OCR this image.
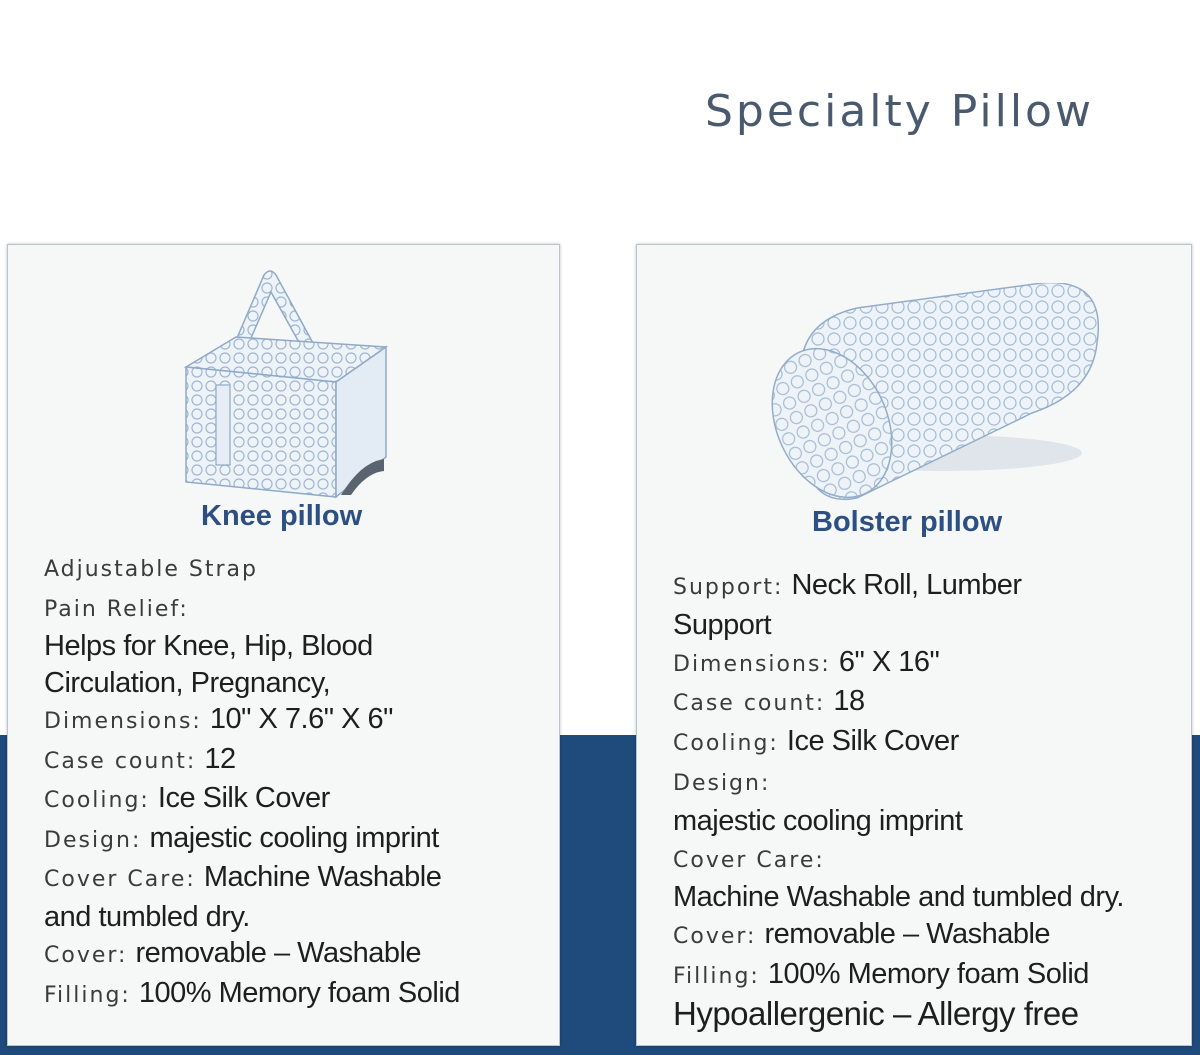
Specialty Pillow
Knee pillow
Adjustable Strap
Pain Relief:
Helps for Knee, Hip, Blood
Circulation, Pregnancy,
Dimensions: 10" X 7.6" X 6"
Case count: 12
Cooling: Ice Silk Cover
Design: majestic cooling imprint
Cover Care: Machine Washable
and tumbled dry.
Cover: removable – Washable
Filling: 100% Memory foam Solid
Bolster pillow
Support: Neck Roll, Lumber
Support
Dimensions: 6" X 16"
Case count: 18
Cooling: Ice Silk Cover
Design:
majestic cooling imprint
Cover Care:
Machine Washable and tumbled dry.
Cover: removable – Washable
Filling: 100% Memory foam Solid
Hypoallergenic – Allergy free
